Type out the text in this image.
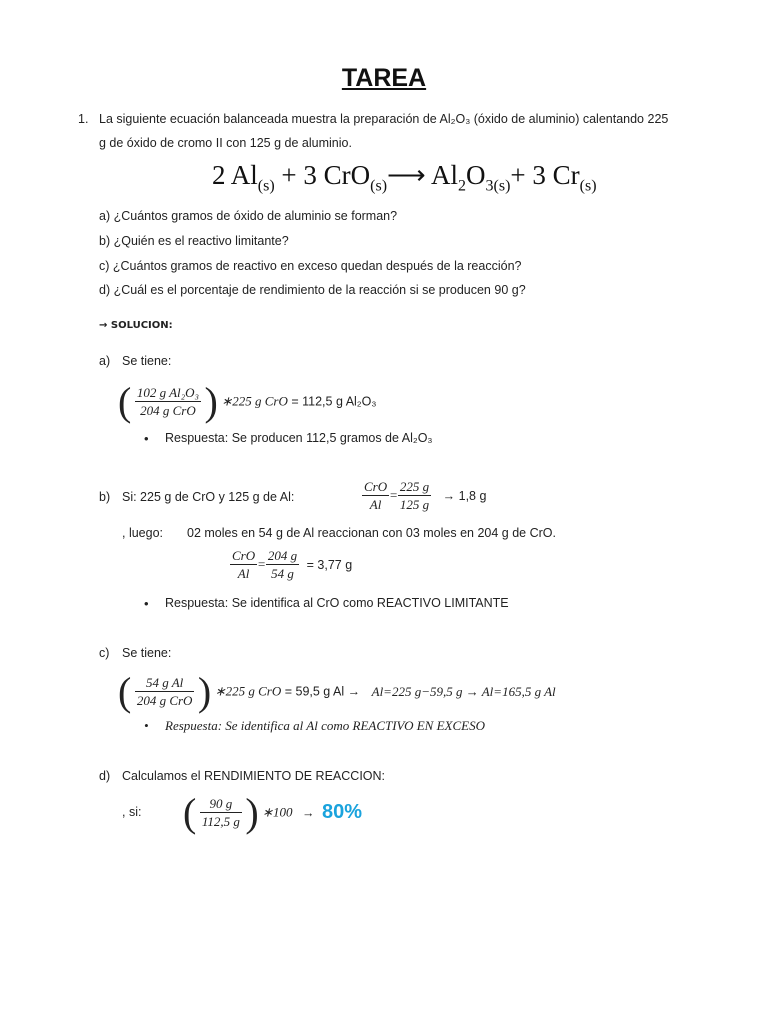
TAREA
1. La siguiente ecuación balanceada muestra la preparación de Al₂O₃ (óxido de aluminio) calentando 225
g de óxido de cromo II con 125 g de aluminio.
2 $Al_{(s)} + 3$ CrO$_{(s)}$⟶ $Al_2O_{3(s)}+ 3$ $Cr_{(s)}$
a) ¿Cuántos gramos de óxido de aluminio se forman?
b) ¿Quién es el reactivo limitante?
c) ¿Cuántos gramos de reactivo en exceso quedan después de la reacción?
d) ¿Cuál es el porcentaje de rendimiento de la reacción si se producen 90 g?
→ SOLUCION:
a) Se tiene:
( $\frac{\text{102 g Al₂O₃}}{\text{204 g CrO}}$ ) ∗225 g CrO = 112,5 g Al₂O₃
• Respuesta: Se producen 112,5 gramos de Al₂O₃
b) Si: 225 g de CrO y 125 g de Al:	$\frac{\text{CrO}}{Al} = \frac{225 g}{125 g} \to 1,8$ g
, luego: 02 moles en 54 g de Al reaccionan con 03 moles en 204 g de CrO.
$\frac{\text{CrO}}{Al} = \frac{204 g}{54 g} = 3,77$ g
• Respuesta: Se identifica al CrO como REACTIVO LIMITANTE
c) Se tiene:
( $\frac{\text{54 g Al}}{\text{204 g CrO}}$ ) ∗225 g CrO = 59,5 g Al → Al=225 g−59,5 g → Al=165,5 g Al
• Respuesta: Se identifica al Al como REACTIVO EN EXCESO
d) Calculamos el RENDIMIENTO DE REACCION:
, si: ( $\frac{90 g}{112,5 g}$ ) ∗100 → 80%
